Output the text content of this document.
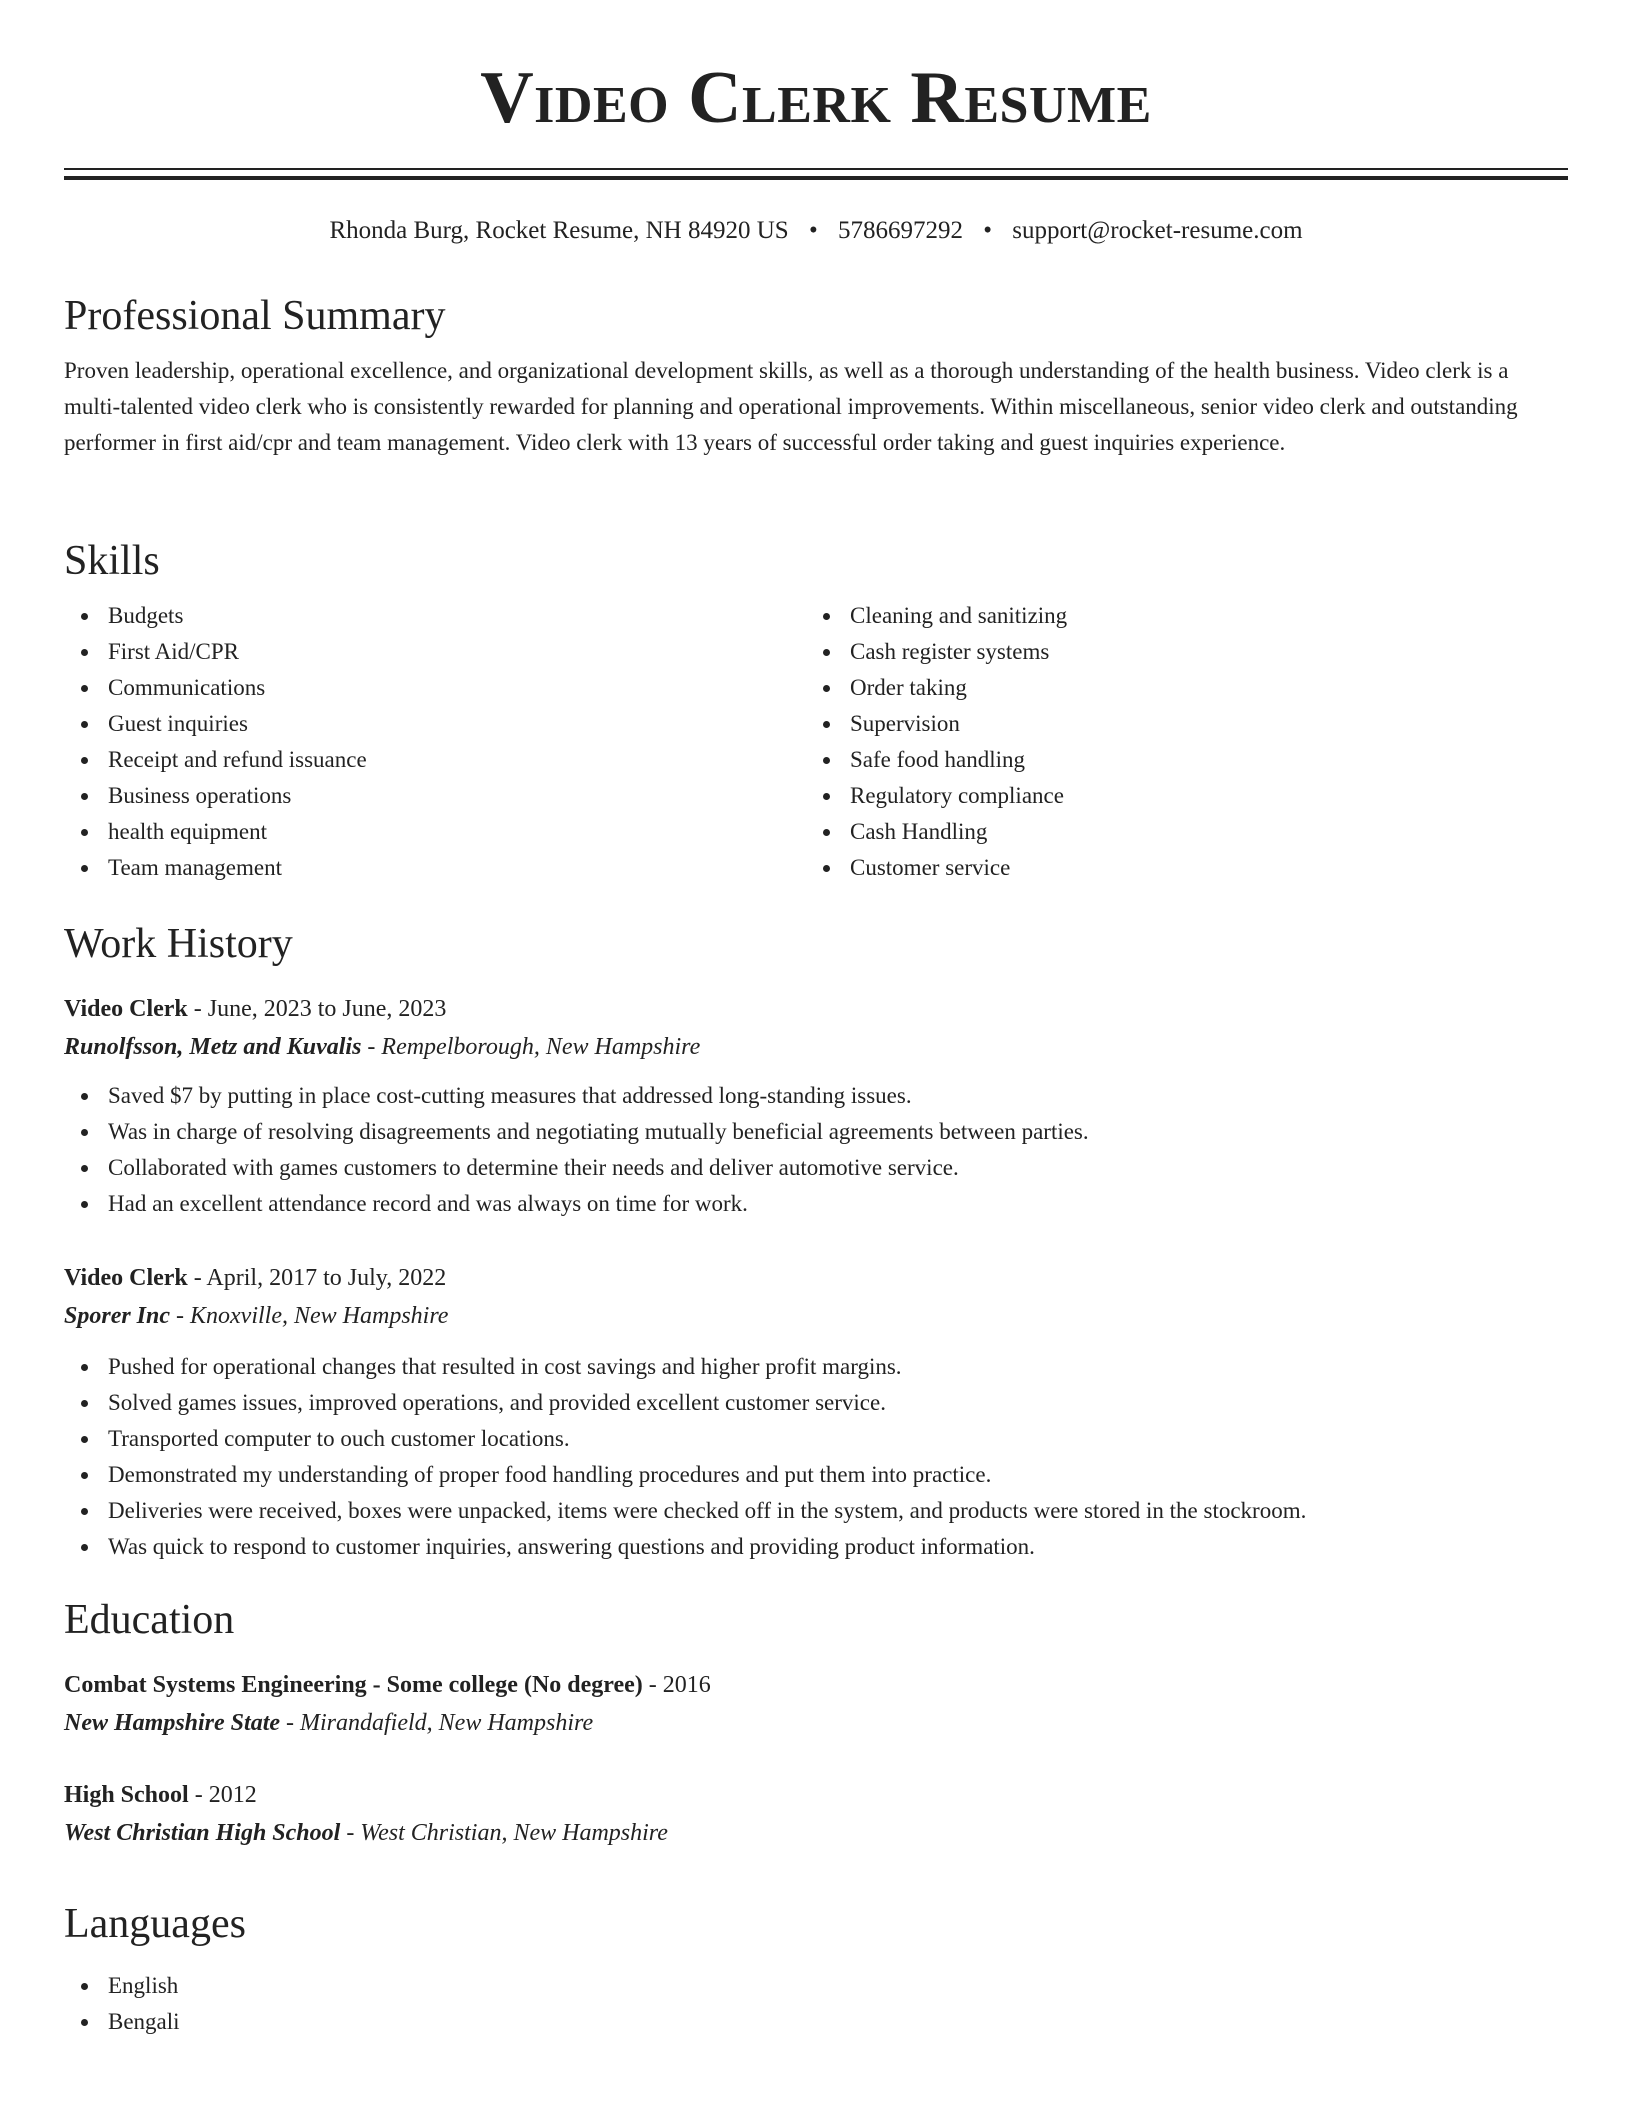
Video Clerk Resume
Rhonda Burg, Rocket Resume, NH 84920 US • 5786697292 • support@rocket-resume.com
Professional Summary

Proven leadership, operational excellence, and organizational development skills, as well as a thorough understanding of the health business. Video clerk is a multi-talented video clerk who is consistently rewarded for planning and operational improvements. Within miscellaneous, senior video clerk and outstanding performer in first aid/cpr and team management. Video clerk with 13 years of successful order taking and guest inquiries experience.

Skills
Budgets
First Aid/CPR
Communications
Guest inquiries
Receipt and refund issuance
Business operations
health equipment
Team management
Cleaning and sanitizing
Cash register systems
Order taking
Supervision
Safe food handling
Regulatory compliance
Cash Handling
Customer service
Work History
Video Clerk - June, 2023 to June, 2023
Runolfsson, Metz and Kuvalis - Rempelborough, New Hampshire
Saved $7 by putting in place cost-cutting measures that addressed long-standing issues.
Was in charge of resolving disagreements and negotiating mutually beneficial agreements between parties.
Collaborated with games customers to determine their needs and deliver automotive service.
Had an excellent attendance record and was always on time for work.
Video Clerk - April, 2017 to July, 2022
Sporer Inc - Knoxville, New Hampshire
Pushed for operational changes that resulted in cost savings and higher profit margins.
Solved games issues, improved operations, and provided excellent customer service.
Transported computer to ouch customer locations.
Demonstrated my understanding of proper food handling procedures and put them into practice.
Deliveries were received, boxes were unpacked, items were checked off in the system, and products were stored in the stockroom.
Was quick to respond to customer inquiries, answering questions and providing product information.
Education
Combat Systems Engineering - Some college (No degree) - 2016
New Hampshire State - Mirandafield, New Hampshire
High School - 2012
West Christian High School - West Christian, New Hampshire
Languages
English
Bengali
